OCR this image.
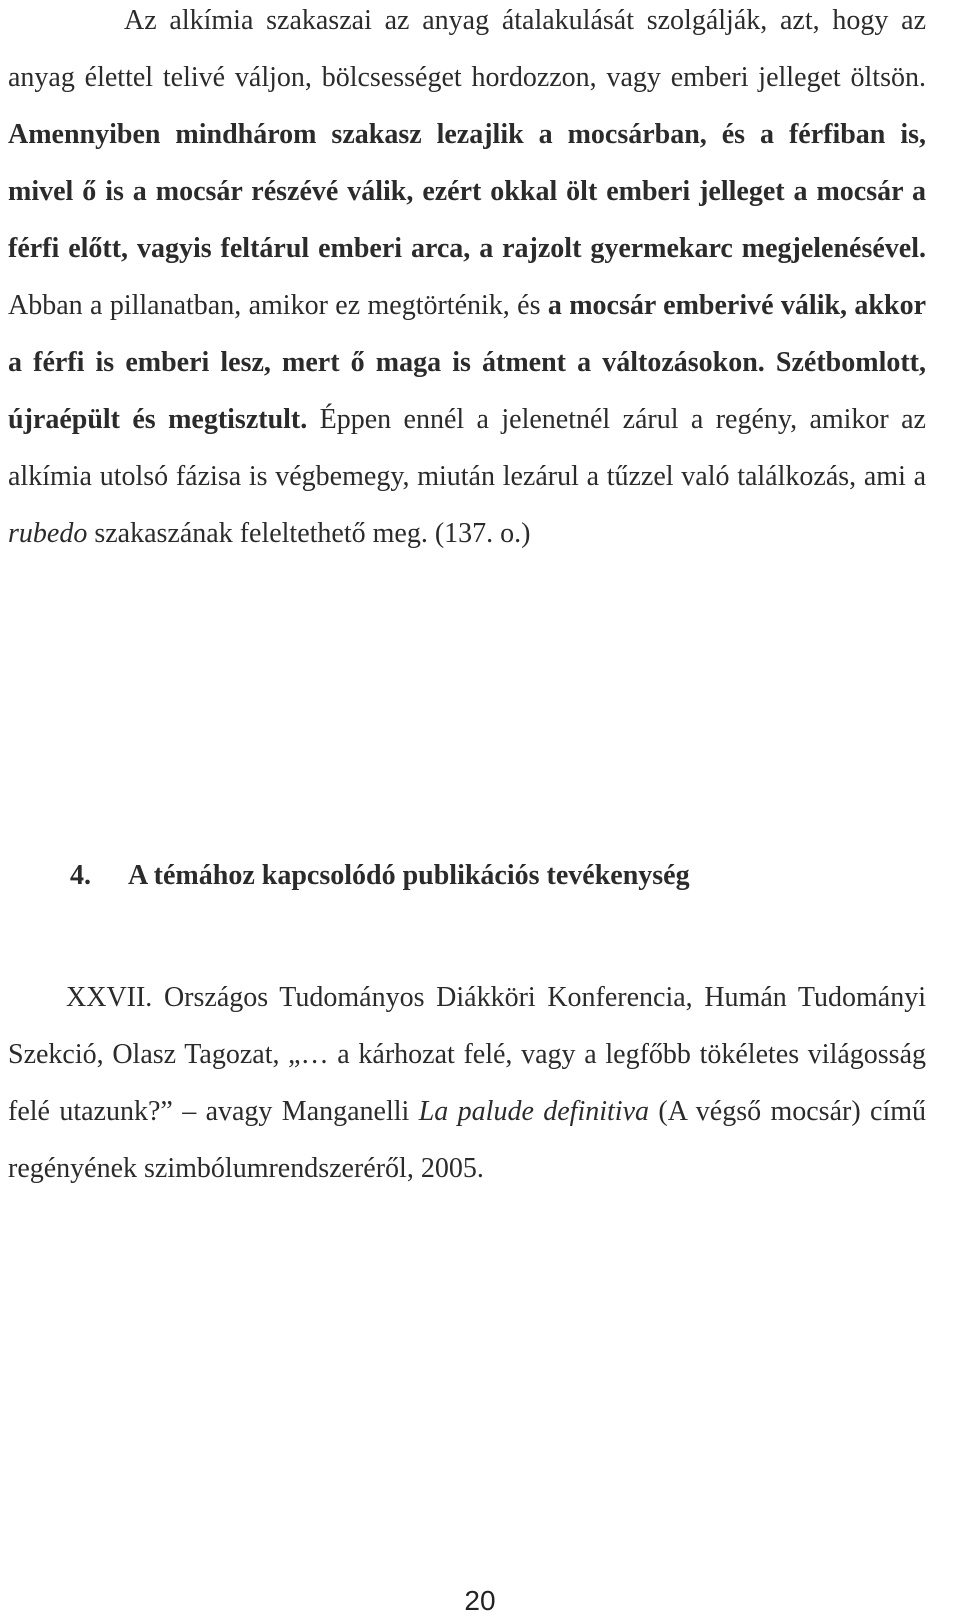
Az alkímia szakaszai az anyag átalakulását szolgálják, azt, hogy az anyag élettel telivé váljon, bölcsességet hordozzon, vagy emberi jelleget öltsön. Amennyiben mindhárom szakasz lezajlik a mocsárban, és a férfiban is, mivel ő is a mocsár részévé válik, ezért okkal ölt emberi jelleget a mocsár a férfi előtt, vagyis feltárul emberi arca, a rajzolt gyermekarc megjelenésével. Abban a pillanatban, amikor ez megtörténik, és a mocsár emberivé válik, akkor a férfi is emberi lesz, mert ő maga is átment a változásokon. Szétbomlott, újraépült és megtisztult. Éppen ennél a jelenetnél zárul a regény, amikor az alkímia utolsó fázisa is végbemegy, miután lezárul a tűzzel való találkozás, ami a rubedo szakaszának feleltethető meg. (137. o.)

4. A témához kapcsolódó publikációs tevékenység

XXVII. Országos Tudományos Diákköri Konferencia, Humán Tudományi Szekció, Olasz Tagozat, „… a kárhozat felé, vagy a legfőbb tökéletes világosság felé utazunk?” – avagy Manganelli La palude definitiva (A végső mocsár) című regényének szimbólumrendszeréről, 2005.

20
